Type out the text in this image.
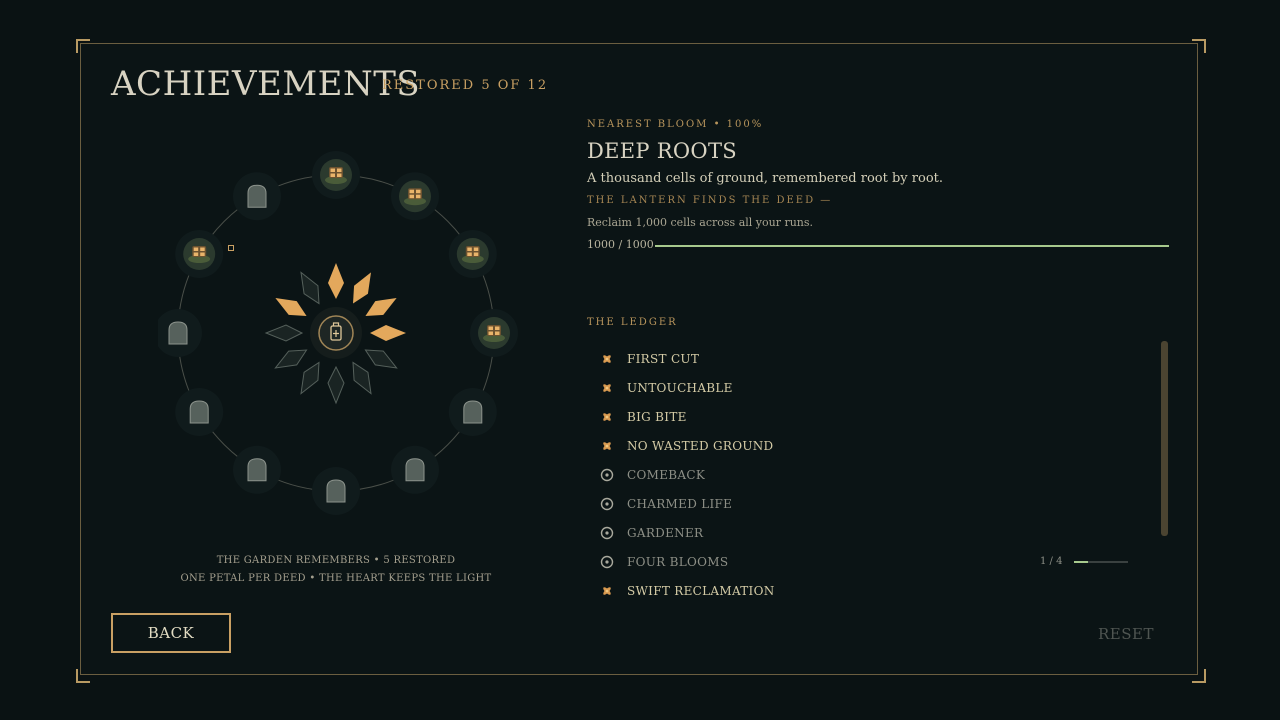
ACHIEVEMENTS
RESTORED 5 OF 12
THE GARDEN REMEMBERS • 5 RESTORED
ONE PETAL PER DEED • THE HEART KEEPS THE LIGHT
NEAREST BLOOM • 100%
DEEP ROOTS
A thousand cells of ground, remembered root by root.
THE LANTERN FINDS THE DEED —
Reclaim 1,000 cells across all your runs.
1000 / 1000
THE LEDGER
FIRST CUT
UNTOUCHABLE
BIG BITE
NO WASTED GROUND
COMEBACK
CHARMED LIFE
GARDENER
FOUR BLOOMS	1 / 4
SWIFT RECLAMATION
BACK	RESET
